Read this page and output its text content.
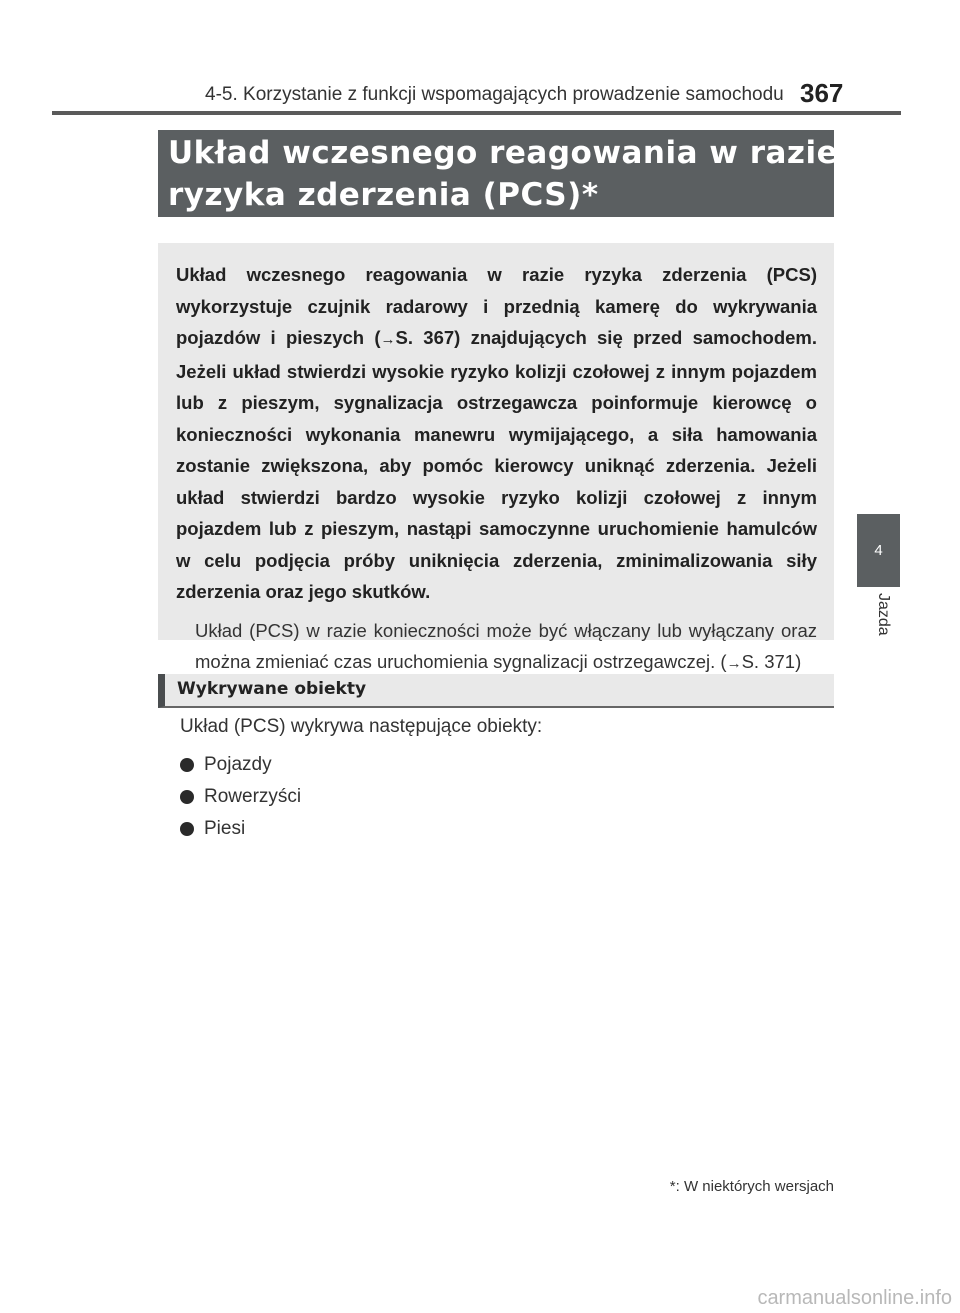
4-5. Korzystanie z funkcji wspomagających prowadzenie samochodu 367
Układ wczesnego reagowania w razie
ryzyka zderzenia (PCS)*
4
Jazda

Układ wczesnego reagowania w razie ryzyka zderzenia (PCS) wykorzystuje czujnik radarowy i przednią kamerę do wykrywania pojazdów i pieszych (→S. 367) znajdujących się przed samochodem. Jeżeli układ stwierdzi wysokie ryzyko kolizji czołowej z innym pojazdem lub z pieszym, sygnalizacja ostrzegawcza poinformuje kierowcę o konieczności wykonania manewru wymijającego, a siła hamowania zostanie zwiększona, aby pomóc kierowcy uniknąć zderzenia. Jeżeli układ stwierdzi bardzo wysokie ryzyko kolizji czołowej z innym pojazdem lub z pieszym, nastąpi samoczynne uruchomienie hamulców w celu podjęcia próby uniknięcia zderzenia, zminimalizowania siły zderzenia oraz jego skutków.

Układ (PCS) w razie konieczności może być włączany lub wyłączany oraz można zmieniać czas uruchomienia sygnalizacji ostrzegawczej. (→S. 371)

Wykrywane obiekty

Układ (PCS) wykrywa następujące obiekty:

Pojazdy
Rowerzyści
Piesi
*: W niektórych wersjach
carmanualsonline.info
